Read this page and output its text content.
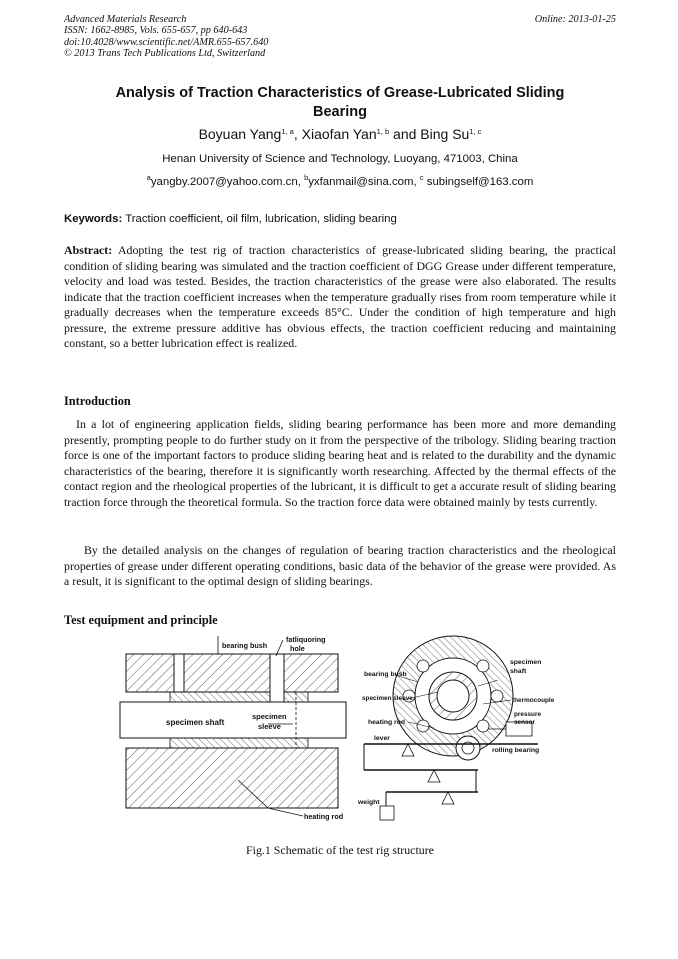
Advanced Materials Research
ISSN: 1662-8985, Vols. 655-657, pp 640-643
doi:10.4028/www.scientific.net/AMR.655-657.640
© 2013 Trans Tech Publications Ltd, Switzerland
Online: 2013-01-25
Analysis of Traction Characteristics of Grease-Lubricated Sliding
Bearing
Boyuan Yang$^{1, a}$, Xiaofan Yan$^{1, b}$ and Bing Su$^{1, c}$
Henan University of Science and Technology, Luoyang, 471003, China
$^a$yangby.2007@yahoo.com.cn, $^b$yxfanmail@sina.com, $^c$ subingself@163.com
Keywords: Traction coefficient, oil film, lubrication, sliding bearing
Abstract: Adopting the test rig of traction characteristics of grease-lubricated sliding bearing, the practical condition of sliding bearing was simulated and the traction coefficient of DGG Grease under different temperature, velocity and load was tested. Besides, the traction characteristics of the grease were also elaborated. The results indicate that the traction coefficient increases when the temperature gradually rises from room temperature while it gradually decreases when the temperature exceeds 85°C. Under the condition of high temperature and high pressure, the extreme pressure additive has obvious effects, the traction coefficient reducing and maintaining constant, so a better lubrication effect is realized.
Introduction
In a lot of engineering application fields, sliding bearing performance has been more and more demanding presently, prompting people to do further study on it from the perspective of the tribology. Sliding bearing traction force is one of the important factors to produce sliding bearing heat and is related to the durability and the dynamic characteristics of the bearing, therefore it is significantly worth researching. Affected by the thermal effects of the contact region and the rheological properties of the lubricant, it is difficult to get a accurate result of sliding bearing traction force through the theoretical formula. So the traction force data were obtained mainly by tests currently.
By the detailed analysis on the changes of regulation of bearing traction characteristics and the rheological properties of grease under different operating conditions, basic data of the behavior of the grease were provided. As a result, it is significant to the optimal design of sliding bearings.
Test equipment and principle
bearing bush
fatliquoring
hole
specimen shaft
specimen
sleeve
heating rod
bearing bush
specimen
shaft
specimen sleeve	thermocouple
heating rod
pressure
sensor
lever
rolling bearing
weight
Fig.1 Schematic of the test rig structure
